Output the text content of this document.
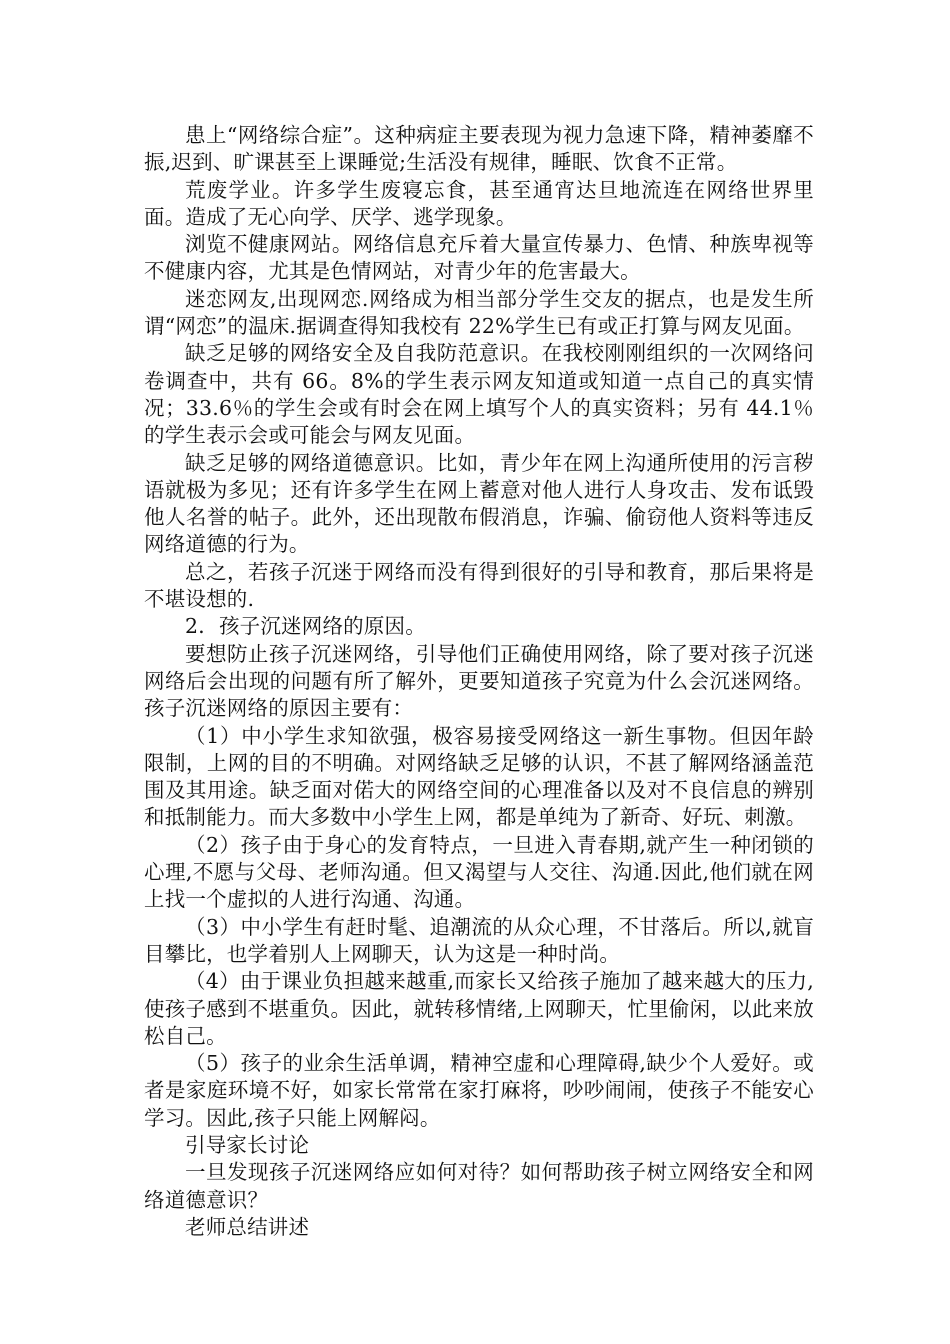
患上“网络综合症”。这种病症主要表现为视力急速下降，精神萎靡不振,迟到、旷课甚至上课睡觉;生活没有规律，睡眠、饮食不正常。

荒废学业。许多学生废寝忘食，甚至通宵达旦地流连在网络世界里面。造成了无心向学、厌学、逃学现象。

浏览不健康网站。网络信息充斥着大量宣传暴力、色情、种族卑视等不健康内容，尤其是色情网站，对青少年的危害最大。

迷恋网友,出现网恋.网络成为相当部分学生交友的据点，也是发生所谓“网恋”的温床.据调查得知我校有 22%学生已有或正打算与网友见面。

缺乏足够的网络安全及自我防范意识。在我校刚刚组织的一次网络问卷调查中，共有 66。8%的学生表示网友知道或知道一点自己的真实情况；33.6％的学生会或有时会在网上填写个人的真实资料；另有 44.1％的学生表示会或可能会与网友见面。

缺乏足够的网络道德意识。比如，青少年在网上沟通所使用的污言秽语就极为多见；还有许多学生在网上蓄意对他人进行人身攻击、发布诋毁他人名誉的帖子。此外，还出现散布假消息，诈骗、偷窃他人资料等违反网络道德的行为。

总之，若孩子沉迷于网络而没有得到很好的引导和教育，那后果将是不堪设想的.

2．孩子沉迷网络的原因。

要想防止孩子沉迷网络，引导他们正确使用网络，除了要对孩子沉迷网络后会出现的问题有所了解外，更要知道孩子究竟为什么会沉迷网络。孩子沉迷网络的原因主要有：

（1）中小学生求知欲强，极容易接受网络这一新生事物。但因年龄限制，上网的目的不明确。对网络缺乏足够的认识，不甚了解网络涵盖范围及其用途。缺乏面对偌大的网络空间的心理准备以及对不良信息的辨别和抵制能力。而大多数中小学生上网，都是单纯为了新奇、好玩、刺激。

（2）孩子由于身心的发育特点，一旦进入青春期,就产生一种闭锁的心理,不愿与父母、老师沟通。但又渴望与人交往、沟通.因此,他们就在网上找一个虚拟的人进行沟通、沟通。

（3）中小学生有赶时髦、追潮流的从众心理，不甘落后。所以,就盲目攀比，也学着别人上网聊天，认为这是一种时尚。

（4）由于课业负担越来越重,而家长又给孩子施加了越来越大的压力,使孩子感到不堪重负。因此，就转移情绪,上网聊天，忙里偷闲，以此来放松自己。

（5）孩子的业余生活单调，精神空虚和心理障碍,缺少个人爱好。或者是家庭环境不好，如家长常常在家打麻将，吵吵闹闹，使孩子不能安心学习。因此,孩子只能上网解闷。

引导家长讨论

一旦发现孩子沉迷网络应如何对待？如何帮助孩子树立网络安全和网络道德意识？

老师总结讲述
